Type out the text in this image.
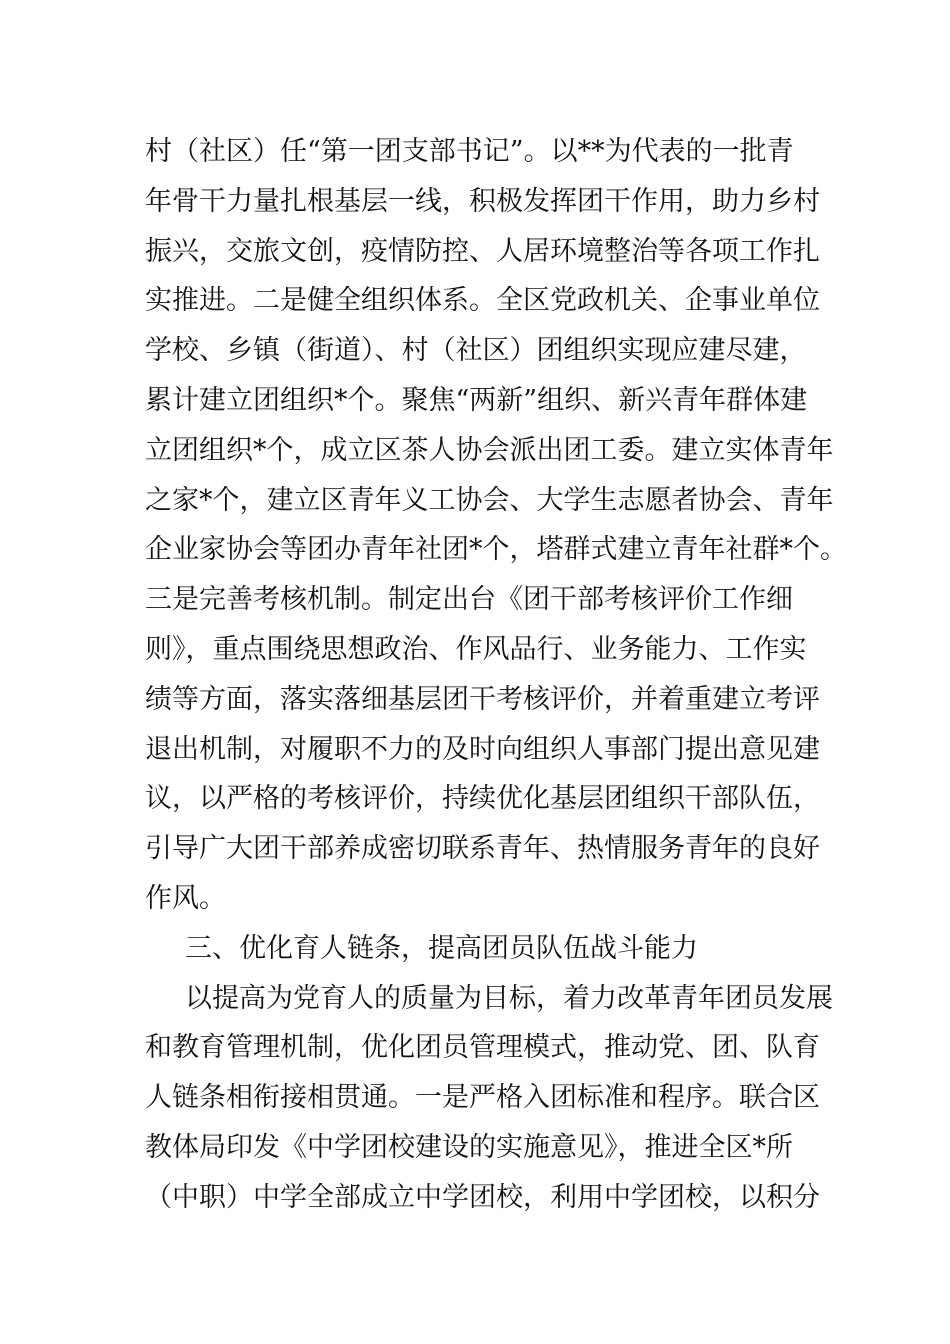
村（社区）任“第一团支部书记”。以**为代表的一批青
年骨干力量扎根基层一线，积极发挥团干作用，助力乡村
振兴，交旅文创，疫情防控、人居环境整治等各项工作扎
实推进。二是健全组织体系。全区党政机关、企事业单位
学校、乡镇（街道）、村（社区）团组织实现应建尽建，
累计建立团组织*个。聚焦“两新”组织、新兴青年群体建
立团组织*个，成立区茶人协会派出团工委。建立实体青年
之家*个，建立区青年义工协会、大学生志愿者协会、青年
企业家协会等团办青年社团*个，塔群式建立青年社群*个。
三是完善考核机制。制定出台《团干部考核评价工作细
则》，重点围绕思想政治、作风品行、业务能力、工作实
绩等方面，落实落细基层团干考核评价，并着重建立考评
退出机制，对履职不力的及时向组织人事部门提出意见建
议，以严格的考核评价，持续优化基层团组织干部队伍，
引导广大团干部养成密切联系青年、热情服务青年的良好
作风。
三、优化育人链条，提高团员队伍战斗能力
以提高为党育人的质量为目标，着力改革青年团员发展
和教育管理机制，优化团员管理模式，推动党、团、队育
人链条相衔接相贯通。一是严格入团标准和程序。联合区
教体局印发《中学团校建设的实施意见》，推进全区*所
（中职）中学全部成立中学团校，利用中学团校，以积分
